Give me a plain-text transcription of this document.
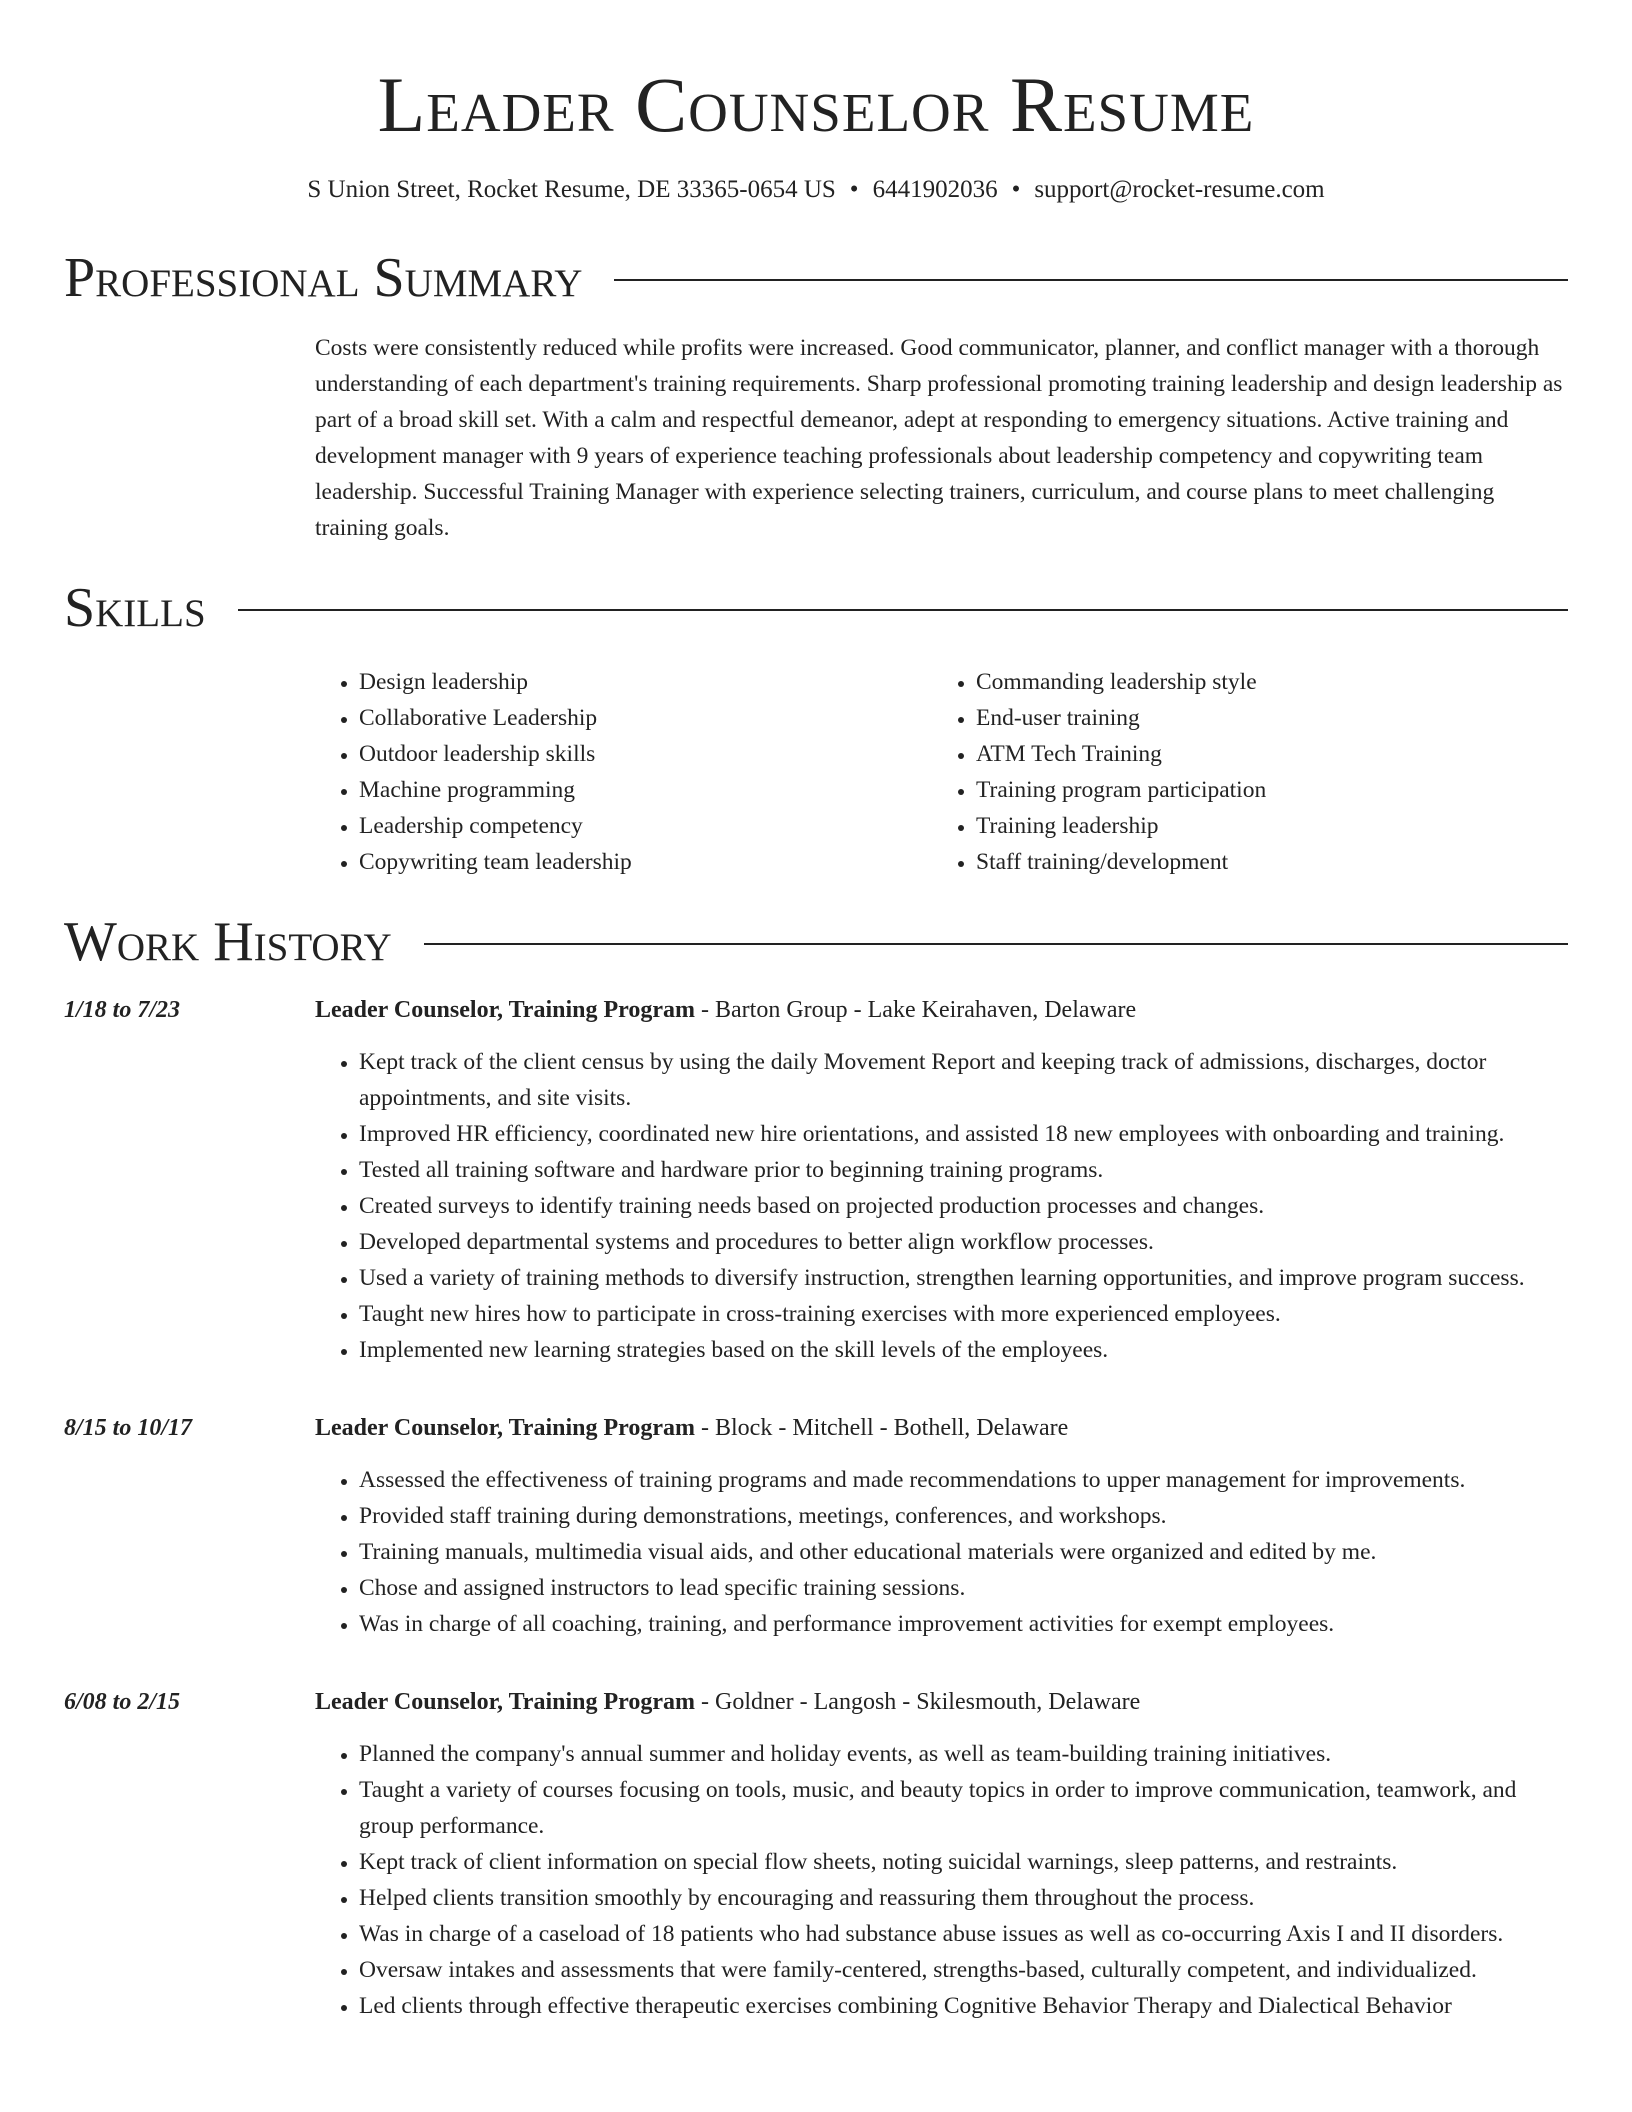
Leader Counselor Resume
S Union Street, Rocket Resume, DE 33365-0654 US • 6441902036 • support@rocket-resume.com
Professional Summary
Costs were consistently reduced while profits were increased. Good communicator, planner, and conflict manager with a thorough understanding of each department's training requirements. Sharp professional promoting training leadership and design leadership as part of a broad skill set. With a calm and respectful demeanor, adept at responding to emergency situations. Active training and development manager with 9 years of experience teaching professionals about leadership competency and copywriting team leadership. Successful Training Manager with experience selecting trainers, curriculum, and course plans to meet challenging training goals.
Skills
• Design leadership
• Collaborative Leadership
• Outdoor leadership skills
• Machine programming
• Leadership competency
• Copywriting team leadership
• Commanding leadership style
• End-user training
• ATM Tech Training
• Training program participation
• Training leadership
• Staff training/development
Work History
1/18 to 7/23	Leader Counselor, Training Program - Barton Group - Lake Keirahaven, Delaware
• Kept track of the client census by using the daily Movement Report and keeping track of admissions, discharges, doctor appointments, and site visits.
• Improved HR efficiency, coordinated new hire orientations, and assisted 18 new employees with onboarding and training.
• Tested all training software and hardware prior to beginning training programs.
• Created surveys to identify training needs based on projected production processes and changes.
• Developed departmental systems and procedures to better align workflow processes.
• Used a variety of training methods to diversify instruction, strengthen learning opportunities, and improve program success.
• Taught new hires how to participate in cross-training exercises with more experienced employees.
• Implemented new learning strategies based on the skill levels of the employees.
8/15 to 10/17	Leader Counselor, Training Program - Block - Mitchell - Bothell, Delaware
• Assessed the effectiveness of training programs and made recommendations to upper management for improvements.
• Provided staff training during demonstrations, meetings, conferences, and workshops.
• Training manuals, multimedia visual aids, and other educational materials were organized and edited by me.
• Chose and assigned instructors to lead specific training sessions.
• Was in charge of all coaching, training, and performance improvement activities for exempt employees.
6/08 to 2/15	Leader Counselor, Training Program - Goldner - Langosh - Skilesmouth, Delaware
• Planned the company's annual summer and holiday events, as well as team-building training initiatives.
• Taught a variety of courses focusing on tools, music, and beauty topics in order to improve communication, teamwork, and group performance.
• Kept track of client information on special flow sheets, noting suicidal warnings, sleep patterns, and restraints.
• Helped clients transition smoothly by encouraging and reassuring them throughout the process.
• Was in charge of a caseload of 18 patients who had substance abuse issues as well as co-occurring Axis I and II disorders.
• Oversaw intakes and assessments that were family-centered, strengths-based, culturally competent, and individualized.
• Led clients through effective therapeutic exercises combining Cognitive Behavior Therapy and Dialectical Behavior
